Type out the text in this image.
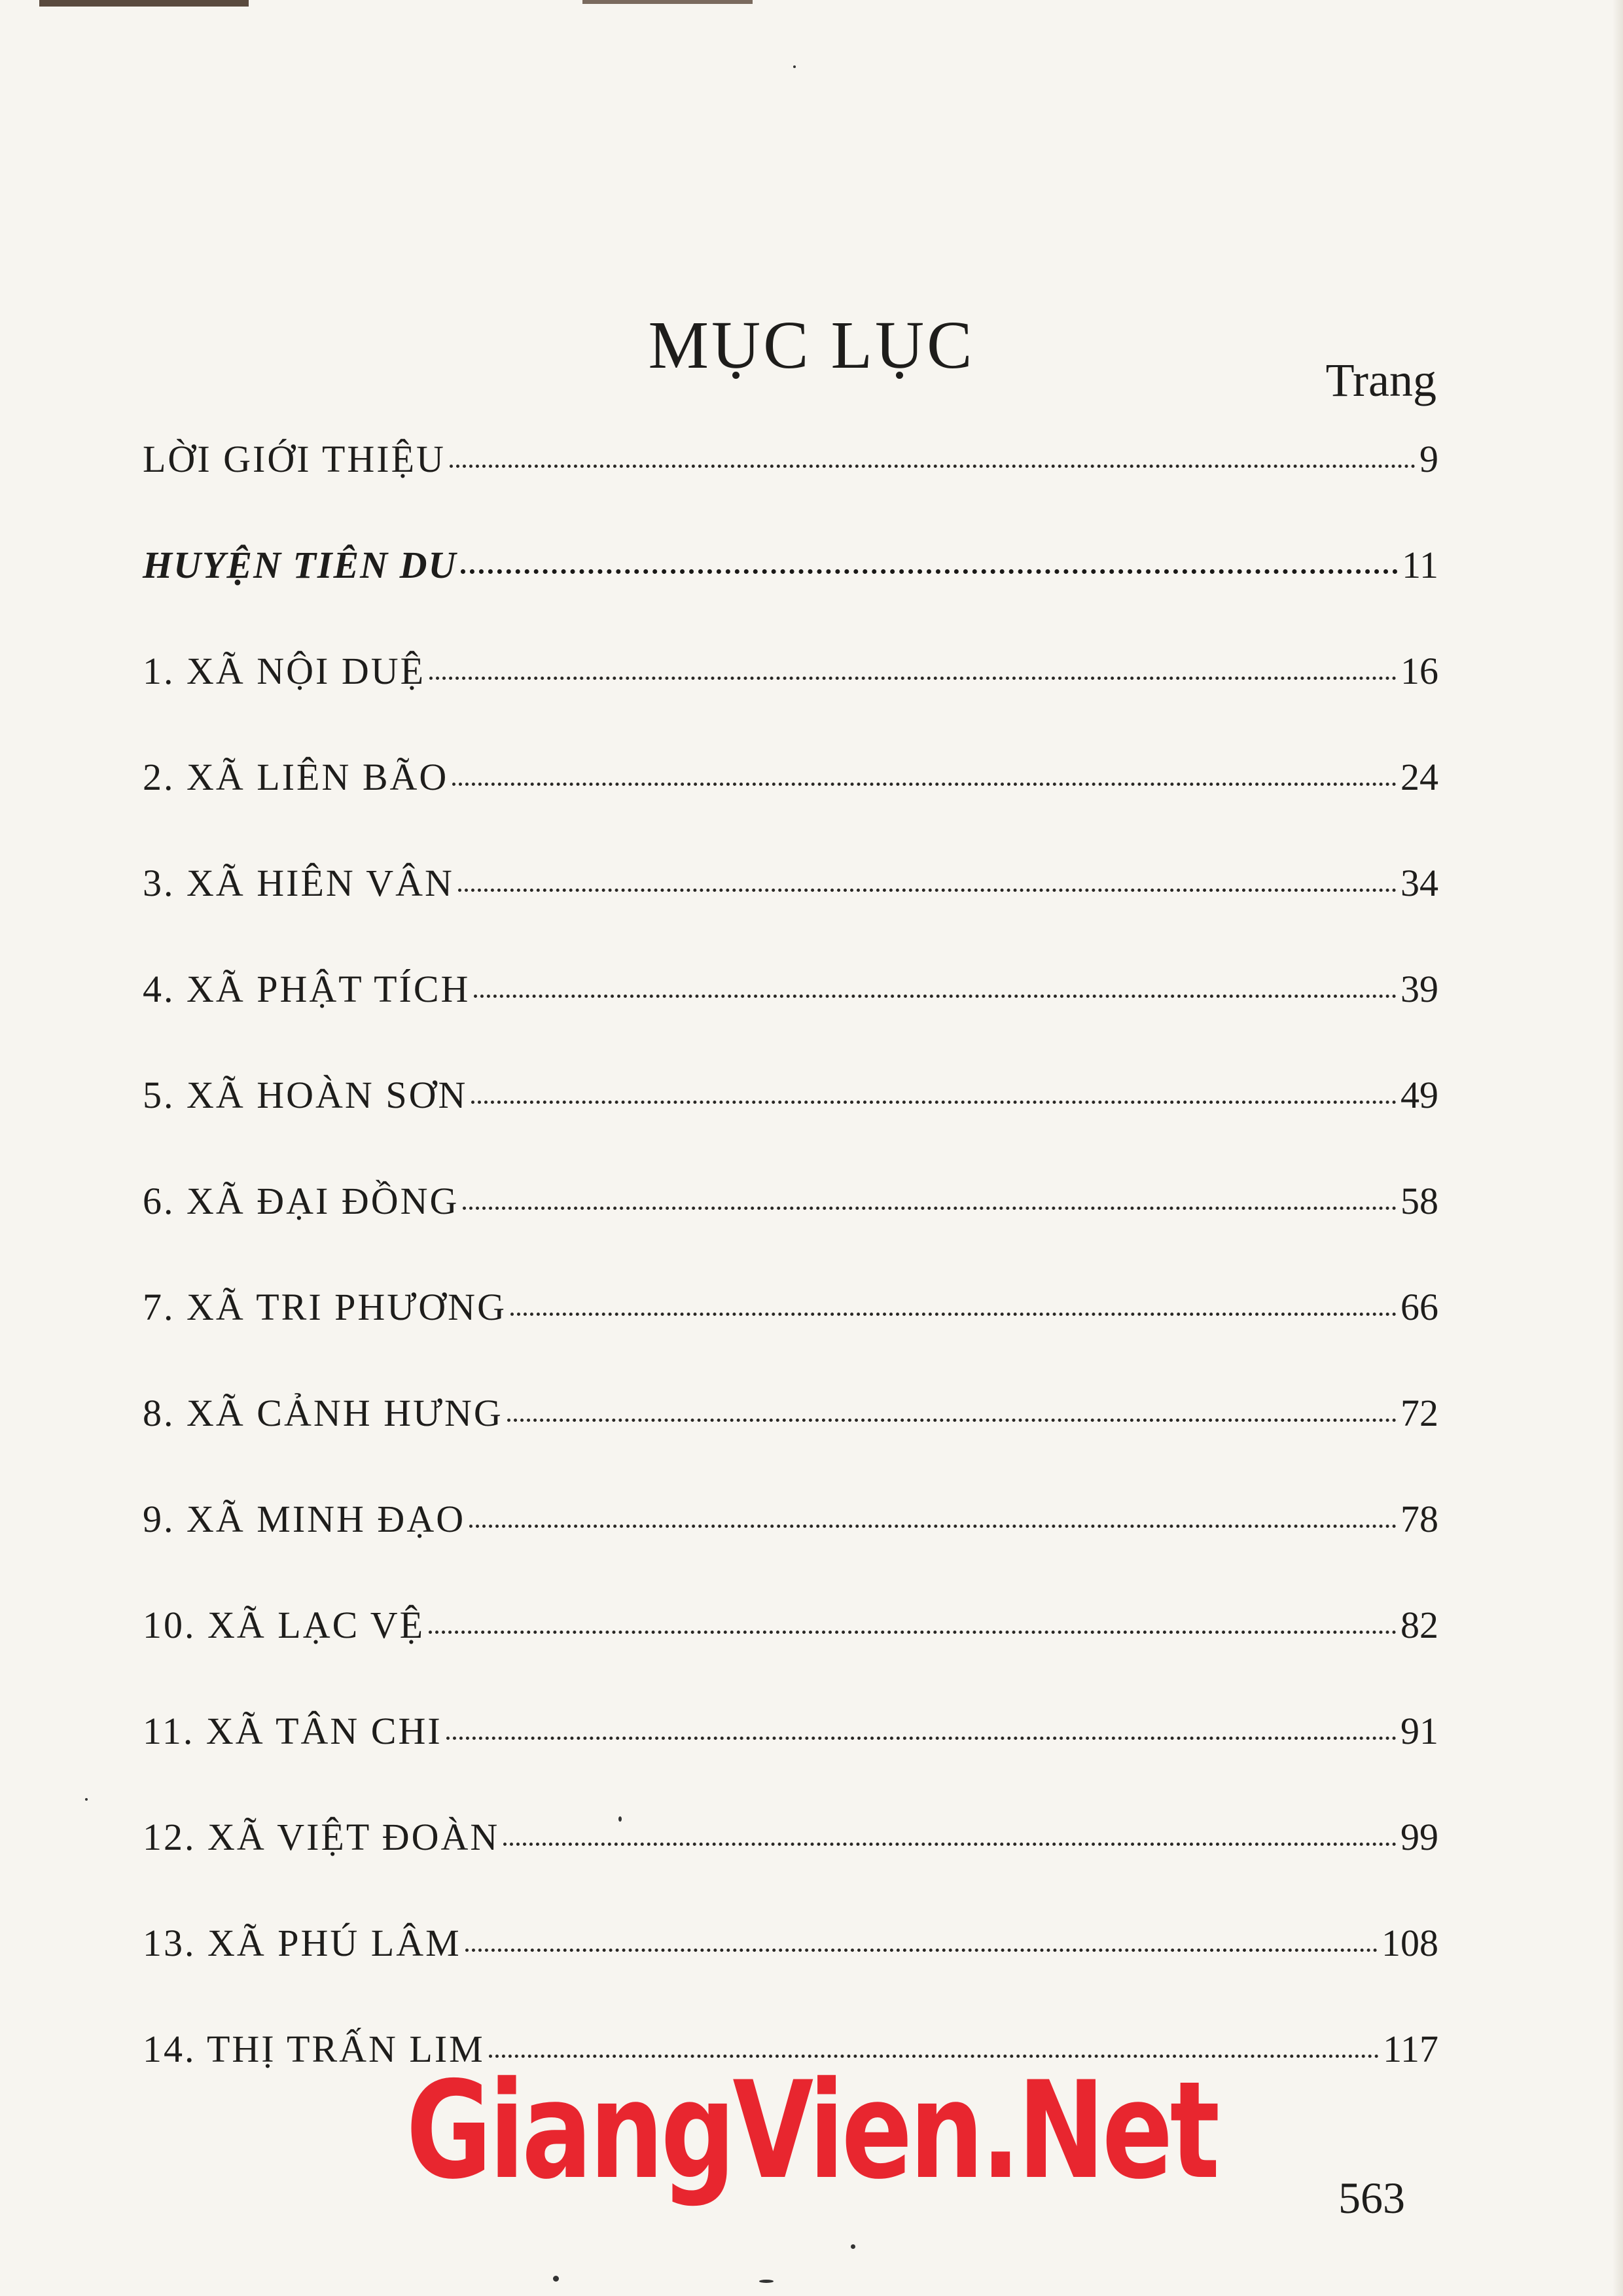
MỤC LỤC	Trang
LỜI GIỚI THIỆU	9
HUYỆN TIÊN DU	11
1. XÃ NỘI DUỆ	16
2. XÃ LIÊN BÃO	24
3. XÃ HIÊN VÂN	34
4. XÃ PHẬT TÍCH	39
5. XÃ HOÀN SƠN	49
6. XÃ ĐẠI ĐỒNG	58
7. XÃ TRI PHƯƠNG	66
8. XÃ CẢNH HƯNG	72
9. XÃ MINH ĐẠO	78
10. XÃ LẠC VỆ	82
11. XÃ TÂN CHI	91
12. XÃ VIỆT ĐOÀN	99
13. XÃ PHÚ LÂM	108
14. THỊ TRẤN LIM	117
GiangVien.Net	563
